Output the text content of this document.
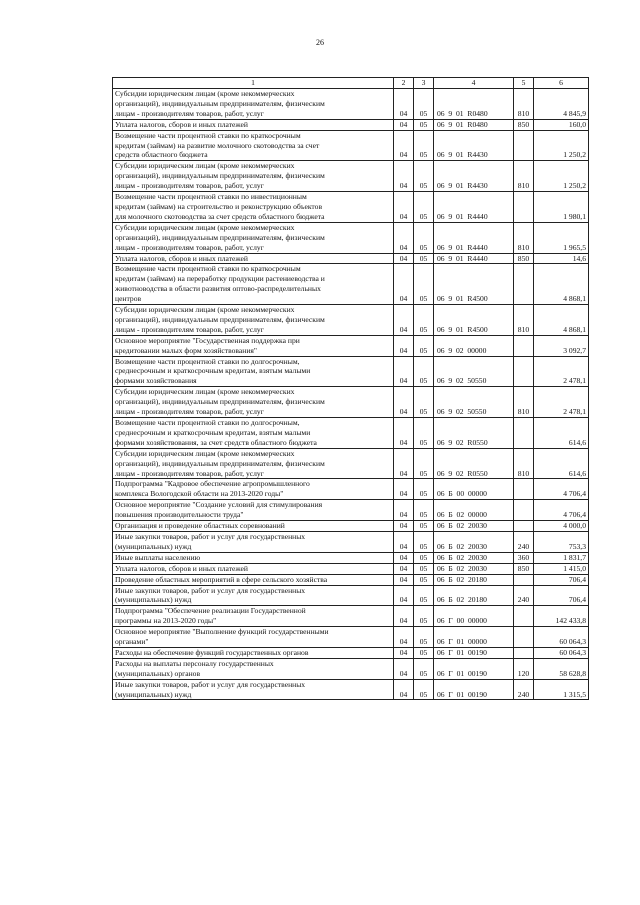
26
1	2	3	4	5	6
Субсидии юридическим лицам (кроме некоммерческих
организаций), индивидуальным предпринимателям, физическим
лицам - производителям товаров, работ, услуг	04	05	06  9  01  R0480	810	4 845,9
Уплата налогов, сборов и иных платежей	04	05	06  9  01  R0480	850	160,0
Возмещение части процентной ставки по краткосрочным
кредитам (займам) на развитие молочного скотоводства за счет
средств областного бюджета	04	05	06  9  01  R4430		1 250,2
Субсидии юридическим лицам (кроме некоммерческих
организаций), индивидуальным предпринимателям, физическим
лицам - производителям товаров, работ, услуг	04	05	06  9  01  R4430	810	1 250,2
Возмещение части процентной ставки по инвестиционным
кредитам (займам) на строительство и реконструкцию объектов
для молочного скотоводства за счет средств областного бюджета	04	05	06  9  01  R4440		1 980,1
Субсидии юридическим лицам (кроме некоммерческих
организаций), индивидуальным предпринимателям, физическим
лицам - производителям товаров, работ, услуг	04	05	06  9  01  R4440	810	1 965,5
Уплата налогов, сборов и иных платежей	04	05	06  9  01  R4440	850	14,6
Возмещение части процентной ставки по краткосрочным
кредитам (займам) на переработку продукции растениеводства и
животноводства в области развития оптово-распределительных
центров	04	05	06  9  01  R4500		4 868,1
Субсидии юридическим лицам (кроме некоммерческих
организаций), индивидуальным предпринимателям, физическим
лицам - производителям товаров, работ, услуг	04	05	06  9  01  R4500	810	4 868,1
Основное мероприятие "Государственная поддержка при
кредитовании малых форм хозяйствования"	04	05	06  9  02  00000		3 092,7
Возмещение части процентной ставки по долгосрочным,
среднесрочным и краткосрочным кредитам, взятым малыми
формами хозяйствования	04	05	06  9  02  50550		2 478,1
Субсидии юридическим лицам (кроме некоммерческих
организаций), индивидуальным предпринимателям, физическим
лицам - производителям товаров, работ, услуг	04	05	06  9  02  50550	810	2 478,1
Возмещение части процентной ставки по долгосрочным,
среднесрочным и краткосрочным кредитам, взятым малыми
формами хозяйствования, за счет средств областного бюджета	04	05	06  9  02  R0550		614,6
Субсидии юридическим лицам (кроме некоммерческих
организаций), индивидуальным предпринимателям, физическим
лицам - производителям товаров, работ, услуг	04	05	06  9  02  R0550	810	614,6
Подпрограмма "Кадровое обеспечение агропромышленного
комплекса Вологодской области на 2013-2020 годы"	04	05	06  Б  00  00000		4 706,4
Основное мероприятие "Создание условий для стимулирования
повышения производительности труда"	04	05	06  Б  02  00000		4 706,4
Организация и проведение областных соревнований	04	05	06  Б  02  20030		4 000,0
Иные закупки товаров, работ и услуг для государственных
(муниципальных) нужд	04	05	06  Б  02  20030	240	753,3
Иные выплаты населению	04	05	06  Б  02  20030	360	1 831,7
Уплата налогов, сборов и иных платежей	04	05	06  Б  02  20030	850	1 415,0
Проведение областных мероприятий в сфере сельского хозяйства	04	05	06  Б  02  20180		706,4
Иные закупки товаров, работ и услуг для государственных
(муниципальных) нужд	04	05	06  Б  02  20180	240	706,4
Подпрограмма "Обеспечение реализации Государственной
программы на 2013-2020 годы"	04	05	06  Г  00  00000		142 433,8
Основное мероприятие "Выполнение функций государственными
органами"	04	05	06  Г  01  00000		60 064,3
Расходы на обеспечение функций государственных органов	04	05	06  Г  01  00190		60 064,3
Расходы на выплаты персоналу государственных
(муниципальных) органов	04	05	06  Г  01  00190	120	58 628,8
Иные закупки товаров, работ и услуг для государственных
(муниципальных) нужд	04	05	06  Г  01  00190	240	1 315,5
